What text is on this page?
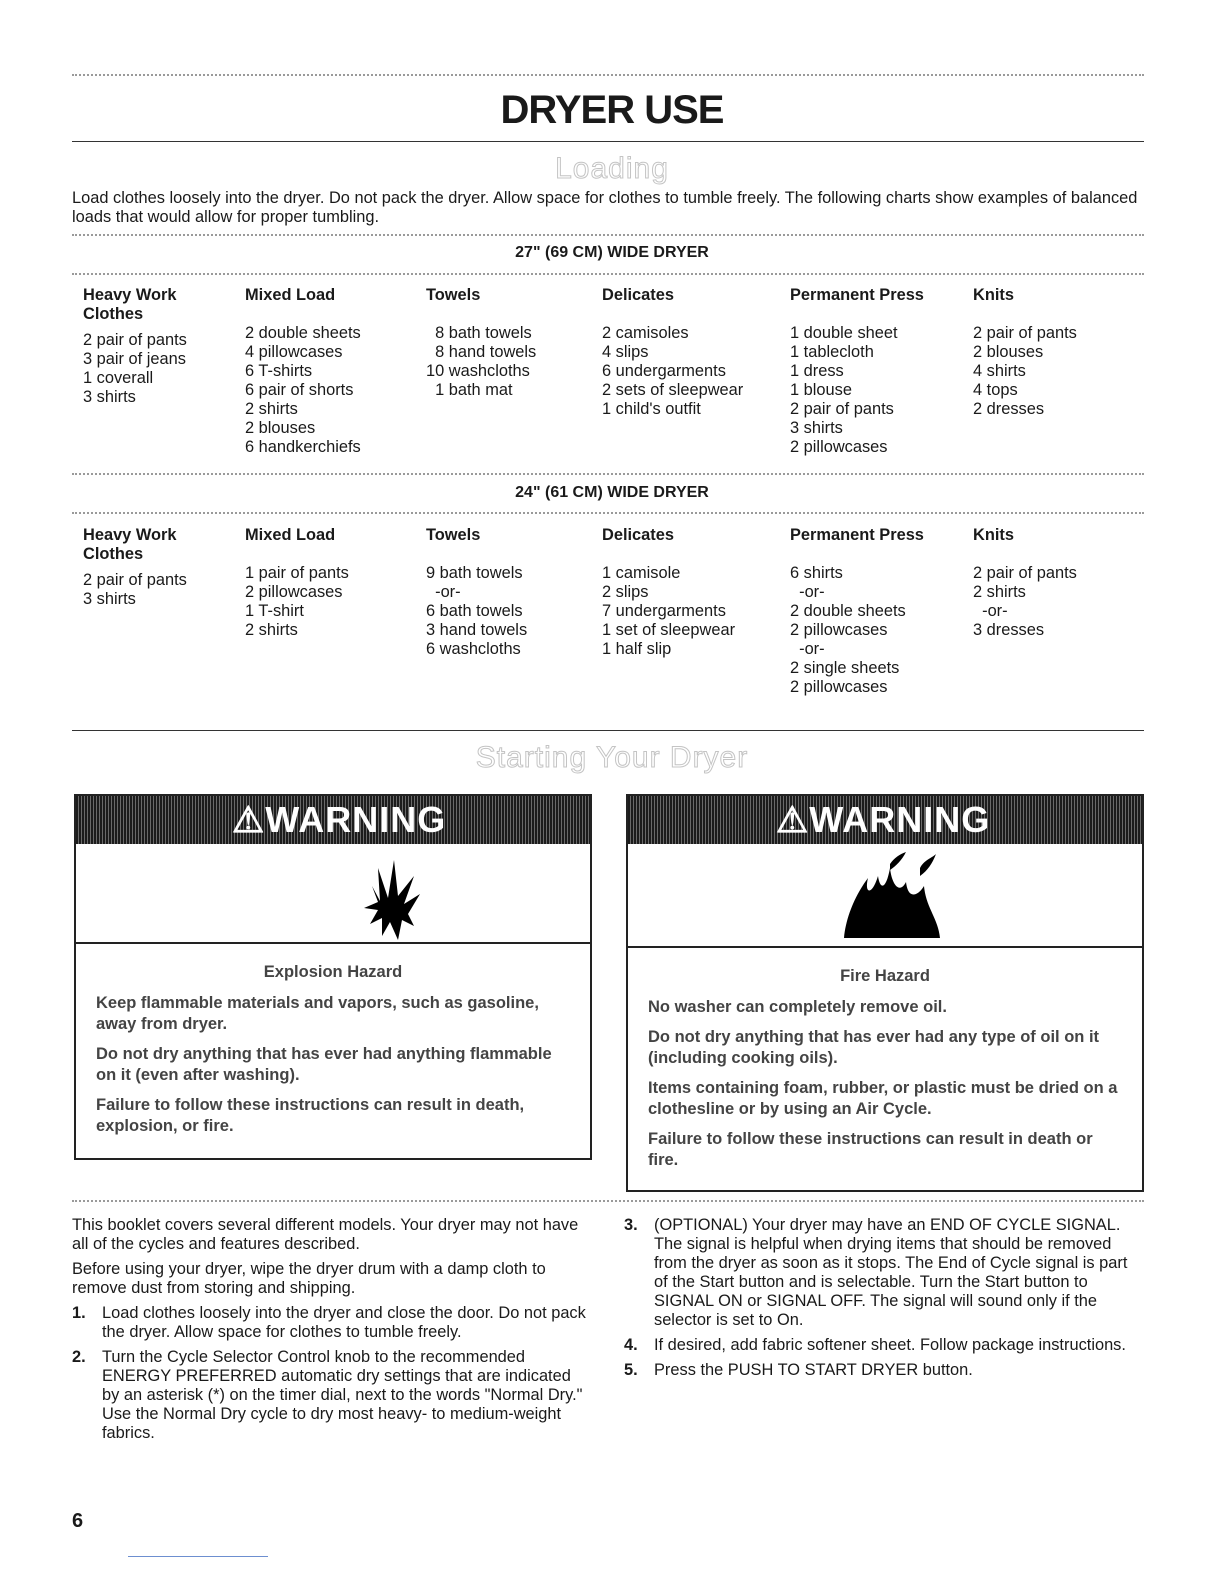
DRYER USE
Loading
Load clothes loosely into the dryer. Do not pack the dryer. Allow space for clothes to tumble freely. The following charts show examples of balanced loads that would allow for proper tumbling.
27" (69 CM) WIDE DRYER
Heavy Work
Clothes
2 pair of pants
3 pair of jeans
1 coverall
3 shirts
Mixed Load
2 double sheets
4 pillowcases
6 T-shirts
6 pair of shorts
2 shirts
2 blouses
6 handkerchiefs
Towels
8 bath towels
8 hand towels
10 washcloths
1 bath mat
Delicates
2 camisoles
4 slips
6 undergarments
2 sets of sleepwear
1 child's outfit
Permanent Press
1 double sheet
1 tablecloth
1 dress
1 blouse
2 pair of pants
3 shirts
2 pillowcases
Knits
2 pair of pants
2 blouses
4 shirts
4 tops
2 dresses
24" (61 CM) WIDE DRYER
Heavy Work
Clothes
2 pair of pants
3 shirts
Mixed Load
1 pair of pants
2 pillowcases
1 T-shirt
2 shirts
Towels
9 bath towels
-or-
6 bath towels
3 hand towels
6 washcloths
Delicates
1 camisole
2 slips
7 undergarments
1 set of sleepwear
1 half slip
Permanent Press
6 shirts
-or-
2 double sheets
2 pillowcases
-or-
2 single sheets
2 pillowcases
Knits
2 pair of pants
2 shirts
-or-
3 dresses
Starting Your Dryer
⚠WARNING
Explosion Hazard

Keep flammable materials and vapors, such as gasoline, away from dryer.

Do not dry anything that has ever had anything flammable on it (even after washing).

Failure to follow these instructions can result in death, explosion, or fire.

⚠WARNING
Fire Hazard

No washer can completely remove oil.

Do not dry anything that has ever had any type of oil on it (including cooking oils).

Items containing foam, rubber, or plastic must be dried on a clothesline or by using an Air Cycle.

Failure to follow these instructions can result in death or fire.

This booklet covers several different models. Your dryer may not have all of the cycles and features described.

Before using your dryer, wipe the dryer drum with a damp cloth to remove dust from storing and shipping.

1. Load clothes loosely into the dryer and close the door. Do not pack the dryer. Allow space for clothes to tumble freely.
2. Turn the Cycle Selector Control knob to the recommended ENERGY PREFERRED automatic dry settings that are indicated by an asterisk (*) on the timer dial, next to the words "Normal Dry." Use the Normal Dry cycle to dry most heavy- to medium-weight fabrics.
3. (OPTIONAL) Your dryer may have an END OF CYCLE SIGNAL. The signal is helpful when drying items that should be removed from the dryer as soon as it stops. The End of Cycle signal is part of the Start button and is selectable. Turn the Start button to SIGNAL ON or SIGNAL OFF. The signal will sound only if the selector is set to On.
4. If desired, add fabric softener sheet. Follow package instructions.
5. Press the PUSH TO START DRYER button.
6
